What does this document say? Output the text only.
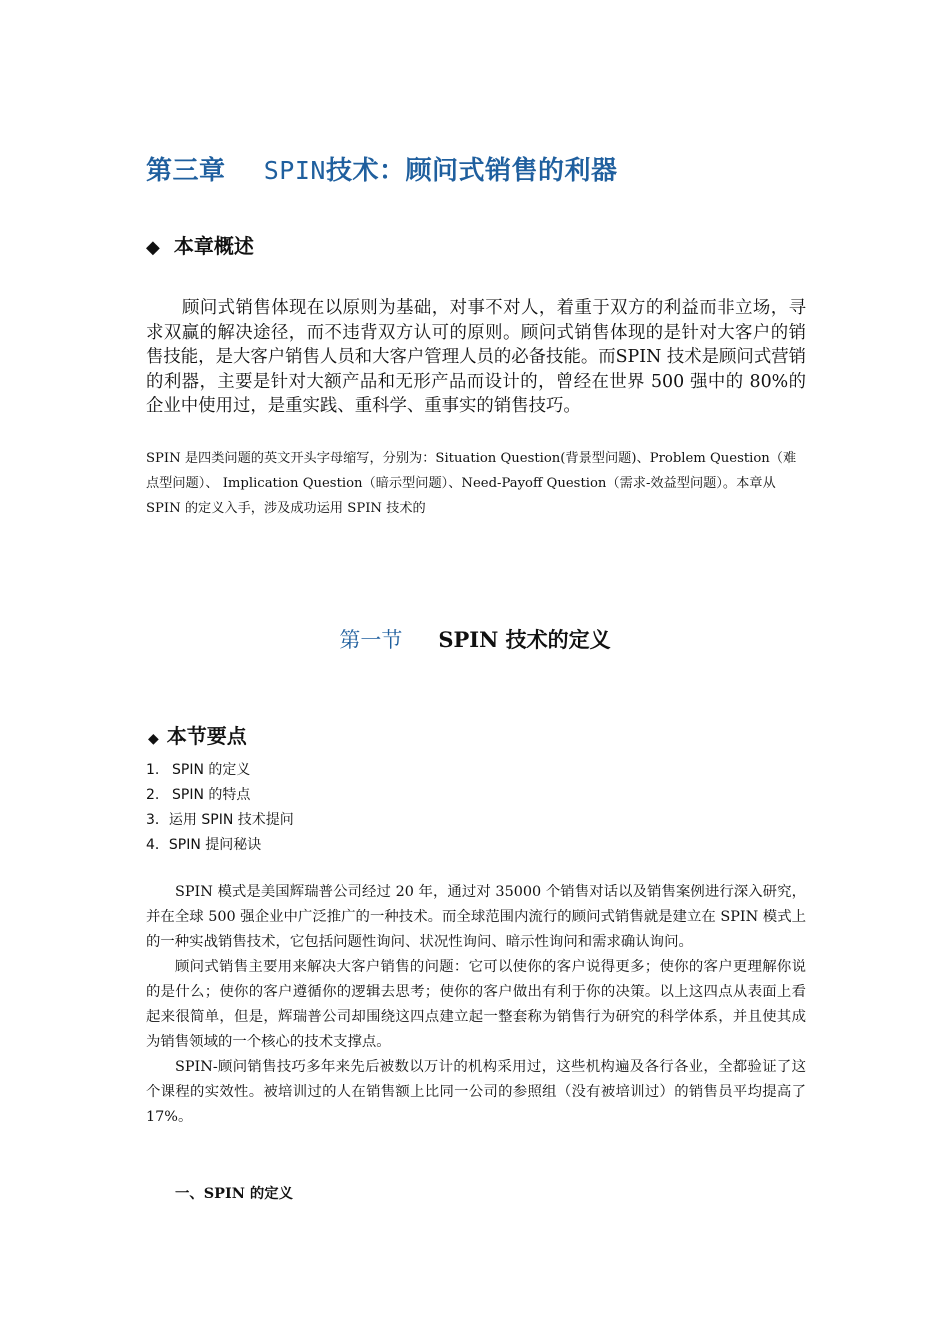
第三章 SPIN技术：顾问式销售的利器
◆ 本章概述

顾问式销售体现在以原则为基础，对事不对人，着重于双方的利益而非立场，寻求双赢的解决途径，而不违背双方认可的原则。顾问式销售体现的是针对大客户的销售技能，是大客户销售人员和大客户管理人员的必备技能。而SPIN 技术是顾问式营销的利器，主要是针对大额产品和无形产品而设计的，曾经在世界 500 强中的 80%的企业中使用过，是重实践、重科学、重事实的销售技巧。

SPIN 是四类问题的英文开头字母缩写，分别为：Situation Question(背景型问题)、Problem Question（难点型问题）、 Implication Question（暗示型问题）、Need-Payoff Question（需求-效益型问题）。本章从 SPIN 的定义入手，涉及成功运用 SPIN 技术的
第一节 SPIN 技术的定义
◆ 本节要点
1. SPIN 的定义
2. SPIN 的特点
3．运用 SPIN 技术提问
4．SPIN 提问秘诀

SPIN 模式是美国辉瑞普公司经过 20 年，通过对 35000 个销售对话以及销售案例进行深入研究，并在全球 500 强企业中广泛推广的一种技术。而全球范围内流行的顾问式销售就是建立在 SPIN 模式上的一种实战销售技术，它包括问题性询问、状况性询问、暗示性询问和需求确认询问。

顾问式销售主要用来解决大客户销售的问题：它可以使你的客户说得更多；使你的客户更理解你说的是什么；使你的客户遵循你的逻辑去思考；使你的客户做出有利于你的决策。以上这四点从表面上看起来很简单，但是，辉瑞普公司却围绕这四点建立起一整套称为销售行为研究的科学体系，并且使其成为销售领域的一个核心的技术支撑点。

SPIN-顾问销售技巧多年来先后被数以万计的机构采用过，这些机构遍及各行各业，全都验证了这个课程的实效性。被培训过的人在销售额上比同一公司的参照组（没有被培训过）的销售员平均提高了 17%。

一、SPIN 的定义
